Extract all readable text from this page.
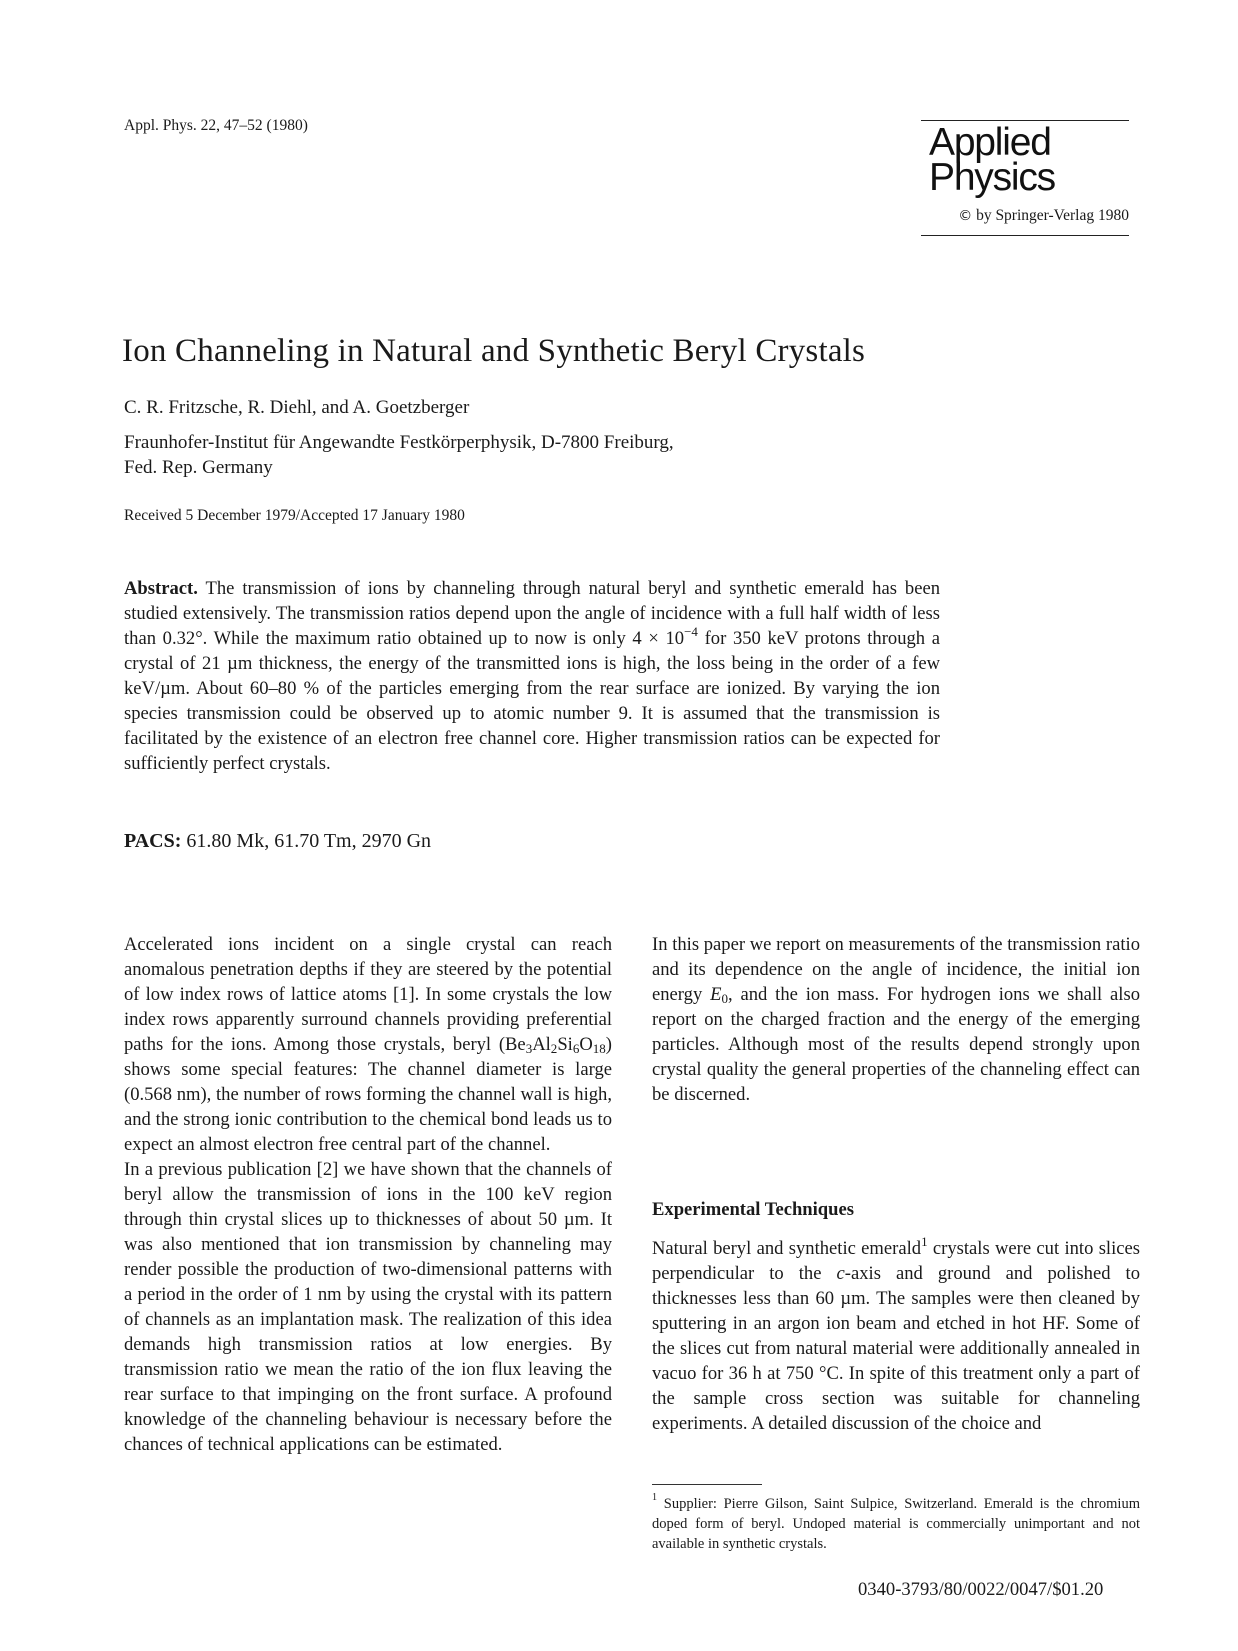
Appl. Phys. 22, 47–52 (1980)	Applied
Physics
© by Springer-Verlag 1980
Ion Channeling in Natural and Synthetic Beryl Crystals
C. R. Fritzsche, R. Diehl, and A. Goetzberger
Fraunhofer-Institut für Angewandte Festkörperphysik, D-7800 Freiburg,
Fed. Rep. Germany
Received 5 December 1979/Accepted 17 January 1980
Abstract. The transmission of ions by channeling through natural beryl and synthetic emerald has been studied extensively. The transmission ratios depend upon the angle of incidence with a full half width of less than 0.32°. While the maximum ratio obtained up to now is only $4 \times 10^{-4}$ for 350 keV protons through a crystal of 21 µm thickness, the energy of the transmitted ions is high, the loss being in the order of a few keV/µm. About 60–80 % of the particles emerging from the rear surface are ionized. By varying the ion species transmission could be observed up to atomic number 9. It is assumed that the transmission is facilitated by the existence of an electron free channel core. Higher transmission ratios can be expected for sufficiently perfect crystals.
PACS: 61.80 Mk, 61.70 Tm, 2970 Gn
Accelerated ions incident on a single crystal can reach anomalous penetration depths if they are steered by the potential of low index rows of lattice atoms [1]. In some crystals the low index rows apparently surround channels providing preferential paths for the ions. Among those crystals, beryl $(Be_3Al_2Si_6O_{18})$ shows some special features: The channel diameter is large (0.568 nm), the number of rows forming the channel wall is high, and the strong ionic contribution to the chemical bond leads us to expect an almost electron free central part of the channel.
In a previous publication [2] we have shown that the channels of beryl allow the transmission of ions in the 100 keV region through thin crystal slices up to thicknesses of about 50 µm. It was also mentioned that ion transmission by channeling may render possible the production of two-dimensional patterns with a period in the order of 1 nm by using the crystal with its pattern of channels as an implantation mask. The realization of this idea demands high transmission ratios at low energies. By transmission ratio we mean the ratio of the ion flux leaving the rear surface to that impinging on the front surface. A profound knowledge of the channeling behaviour is necessary before the chances of technical applications can be estimated.
In this paper we report on measurements of the transmission ratio and its dependence on the angle of incidence, the initial ion energy $E_0$, and the ion mass. For hydrogen ions we shall also report on the charged fraction and the energy of the emerging particles. Although most of the results depend strongly upon crystal quality the general properties of the channeling effect can be discerned.
Experimental Techniques
Natural beryl and synthetic emerald$^1$ crystals were cut into slices perpendicular to the c-axis and ground and polished to thicknesses less than 60 µm. The samples were then cleaned by sputtering in an argon ion beam and etched in hot HF. Some of the slices cut from natural material were additionally annealed in vacuo for 36 h at 750 °C. In spite of this treatment only a part of the sample cross section was suitable for channeling experiments. A detailed discussion of the choice and
$^1$ Supplier: Pierre Gilson, Saint Sulpice, Switzerland. Emerald is the chromium doped form of beryl. Undoped material is commercially unimportant and not available in synthetic crystals.
0340-3793/80/0022/0047/$01.20
